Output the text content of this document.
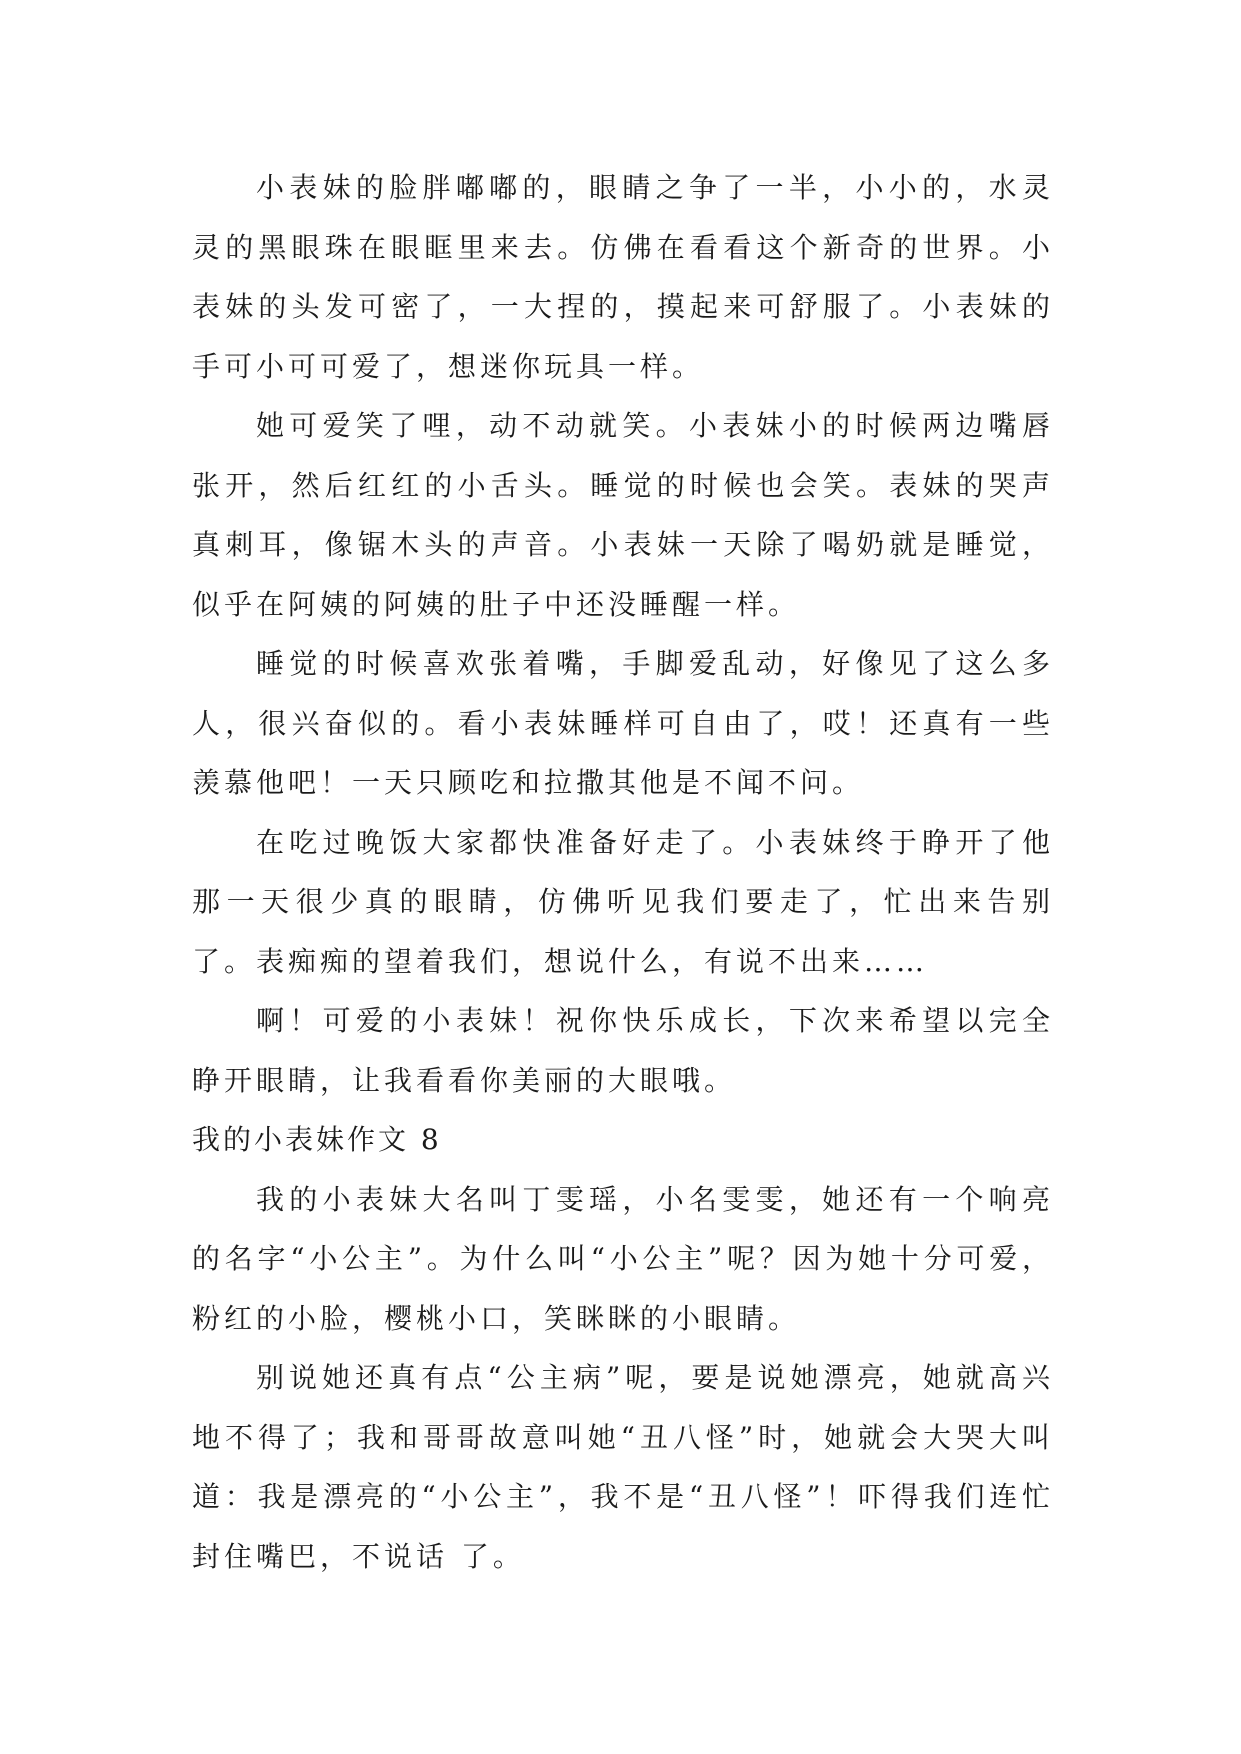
小表妹的脸胖嘟嘟的，眼睛之争了一半，小小的，水灵灵的黑眼珠在眼眶里来去。仿佛在看看这个新奇的世界。小表妹的头发可密了，一大捏的，摸起来可舒服了。小表妹的手可小可可爱了，想迷你玩具一样。

她可爱笑了哩，动不动就笑。小表妹小的时候两边嘴唇张开，然后红红的小舌头。睡觉的时候也会笑。表妹的哭声真刺耳，像锯木头的声音。小表妹一天除了喝奶就是睡觉，似乎在阿姨的阿姨的肚子中还没睡醒一样。

睡觉的时候喜欢张着嘴，手脚爱乱动，好像见了这么多人，很兴奋似的。看小表妹睡样可自由了，哎！还真有一些羡慕他吧！一天只顾吃和拉撒其他是不闻不问。

在吃过晚饭大家都快准备好走了。小表妹终于睁开了他那一天很少真的眼睛，仿佛听见我们要走了，忙出来告别了。表痴痴的望着我们，想说什么，有说不出来……

啊！可爱的小表妹！祝你快乐成长，下次来希望以完全睁开眼睛，让我看看你美丽的大眼哦。

我的小表妹作文 8

我的小表妹大名叫丁雯瑶，小名雯雯，她还有一个响亮的名字“小公主”。为什么叫“小公主”呢？因为她十分可爱，粉红的小脸，樱桃小口，笑眯眯的小眼睛。

别说她还真有点“公主病”呢，要是说她漂亮，她就高兴地不得了；我和哥哥故意叫她“丑八怪”时，她就会大哭大叫道：我是漂亮的“小公主”，我不是“丑八怪”！吓得我们连忙封住嘴巴，不说话 了。
